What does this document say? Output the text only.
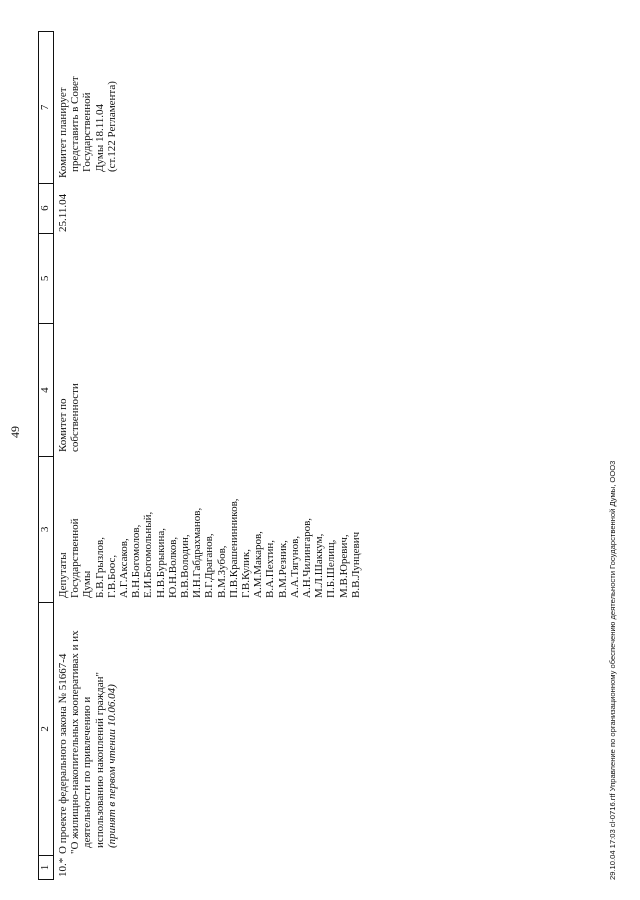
49
1
2
3
4
5
6
7
10.*
О проекте федерального закона № 51667-4 "О жилищно-накопительных кооперативах и их деятельности по привлечению и использованию накоплений граждан" (принят в первом чтении 10.06.04)
Депутаты Государственной Думы Б.В.Грызлов, Г.В.Боос, А.Г.Аксаков, В.Н.Богомолов, Е.И.Богомольный, Н.В.Бурыкина, Ю.Н.Волков, В.В.Володин, И.Н.Габдрахманов, В.Г.Драганов, В.М.Зубов, П.В.Крашенинников, Г.В.Кулик, А.М.Макаров, В.А.Пехтин, В.М.Резник, А.А.Тягунов, А.Н.Чилингаров, М.Л.Шаккум, П.Б.Шелищ, М.В.Юревич, В.В.Лунцевич
Комитет по собственности
25.11.04
Комитет планирует представить в Совет Государственной Думы 18.11.04 (ст.122 Регламента)
29.10.04 17:03 cl-0716.rtf Управление по организационному обеспечению деятельности Государственной Думы, ООО3
